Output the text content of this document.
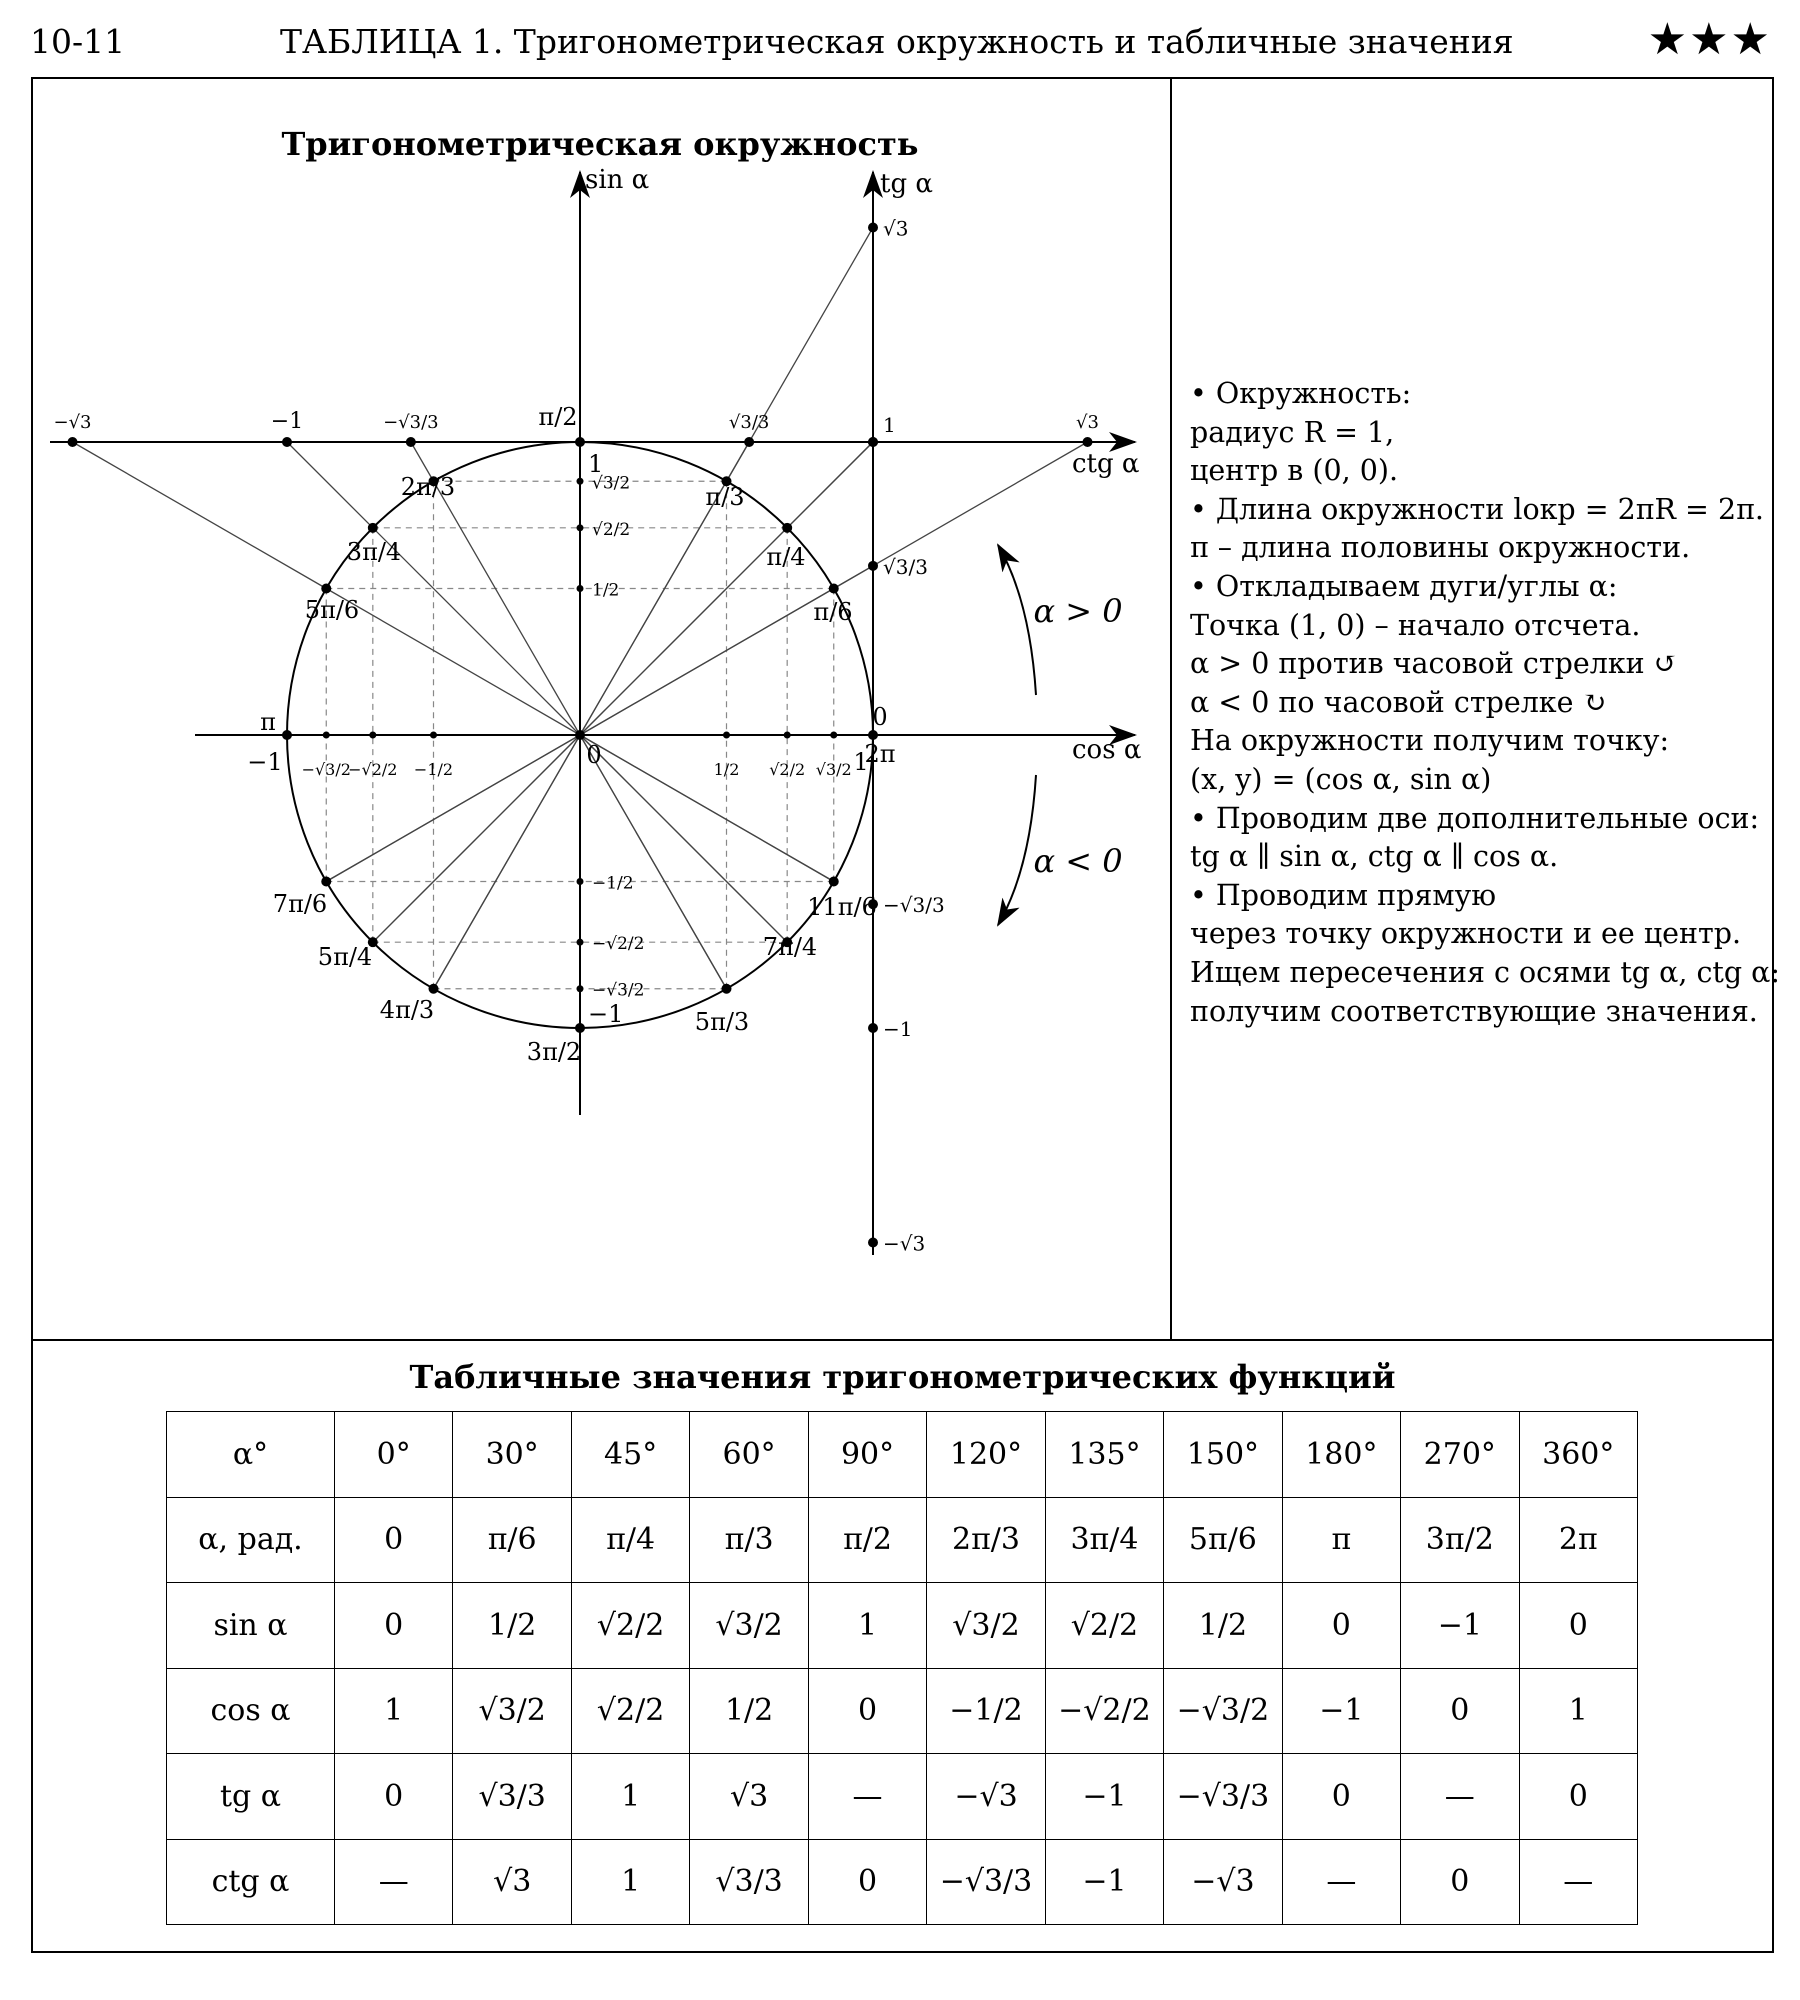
10-11	ТАБЛИЦА 1. Тригонометрическая окружность и табличные значения	★★★
Тригонометрическая окружность
sin α
cos α
tg α
ctg α
π/2
π/3
π/4
π/6
0
2π
2π/3
3π/4
5π/6
π
7π/6
5π/4
4π/3
3π/2
5π/3
7π/4
11π/6
1
√3/2
√2/2
1/2
−1/2
−√2/2
−√3/2
−1
−1 −√3/2
−√2/2 −1/2
0
1/2 √2/2 √3/2 1
√3
1
√3/3
−√3/3
−1
−√3
−√3	−1	−√3/3	√3/3	√3
α > 0
α < 0
• Окружность:
радиус R = 1,
центр в (0, 0).
• Длина окружности lокр = 2πR = 2π.
π – длина половины окружности.
• Откладываем дуги/углы α:
Точка (1, 0) – начало отсчета.
α > 0 против часовой стрелки ↺
α < 0 по часовой стрелке ↻
На окружности получим точку:
(x, y) = (cos α, sin α)
• Проводим две дополнительные оси:
tg α ∥ sin α, ctg α ∥ cos α.
• Проводим прямую
через точку окружности и ее центр.
Ищем пересечения с осями tg α, ctg α:
получим соответствующие значения.
Табличные значения тригонометрических функций
α°	0°	30°	45°	60°	90°	120°	135°	150°	180°	270°	360°
α, рад.	0	π/6	π/4	π/3	π/2	2π/3	3π/4	5π/6	π	3π/2	2π
sin α	0	1/2	√2/2	√3/2	1	√3/2	√2/2	1/2	0	−1	0
cos α	1	√3/2	√2/2	1/2	0	−1/2	−√2/2	−√3/2	−1	0	1
tg α	0	√3/3	1	√3	—	−√3	−1	−√3/3	0	—	0
ctg α	—	√3	1	√3/3	0	−√3/3	−1	−√3	—	0	—
